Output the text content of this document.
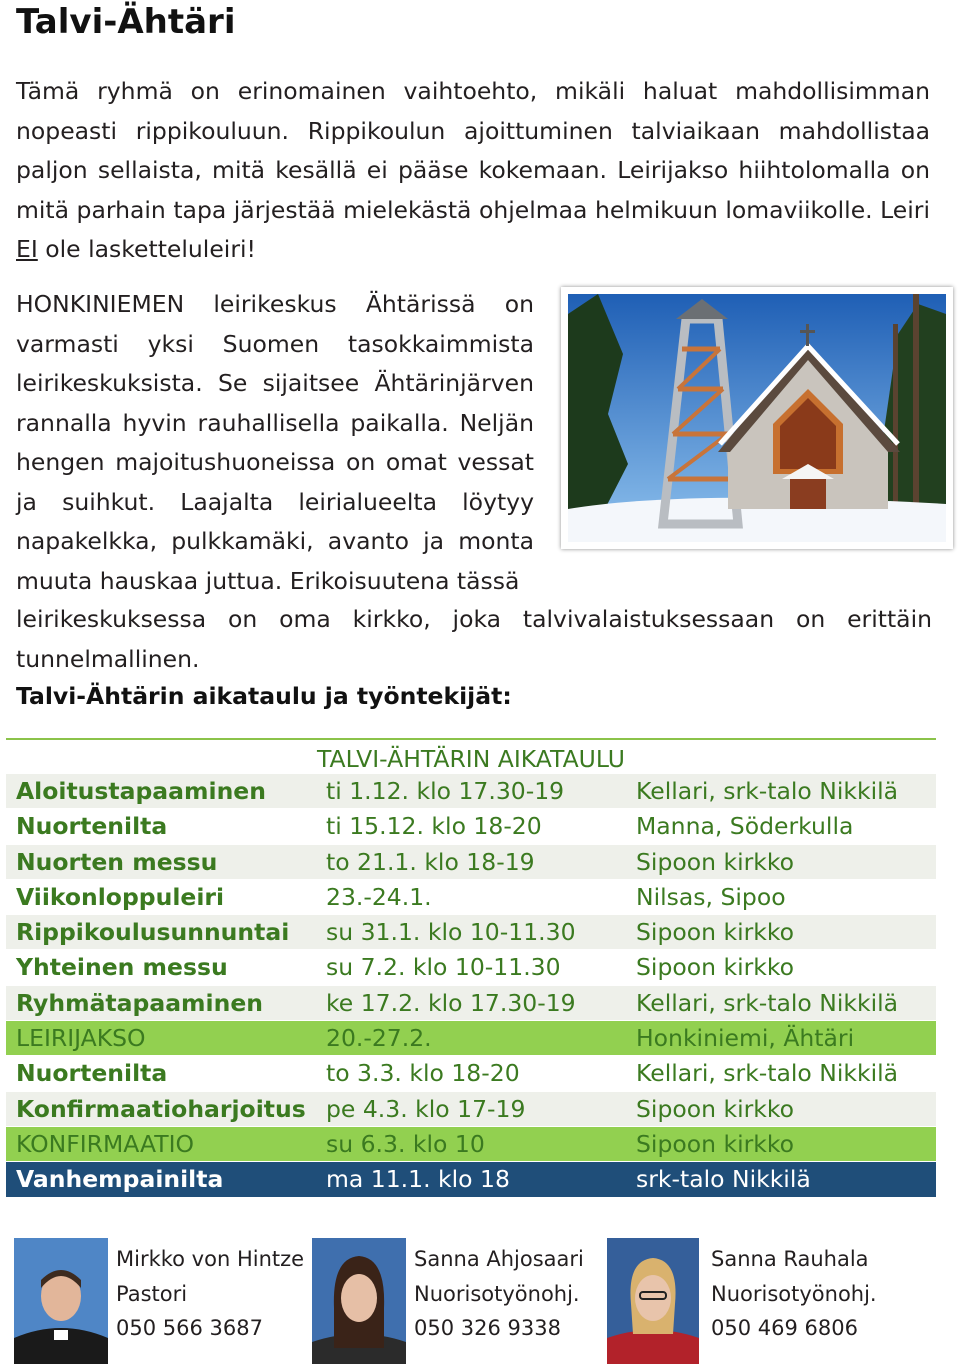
Talvi-Ähtäri

Tämä ryhmä on erinomainen vaihtoehto, mikäli haluat mahdollisimman nopeasti rippikouluun. Rippikoulun ajoittuminen talviaikaan mahdollistaa paljon sellaista, mitä kesällä ei pääse kokemaan. Leirijakso hiihtolomalla on mitä parhain tapa järjestää mielekästä ohjelmaa helmikuun lomaviikolle. Leiri EI ole lasketteluleiri!

HONKINIEMEN leirikeskus Ähtärissä on varmasti yksi Suomen tasokkaimmista leirikeskuksista. Se sijaitsee Ähtärinjärven rannalla hyvin rauhallisella paikalla. Neljän hengen majoitushuoneissa on omat vessat ja suihkut. Laajalta leirialueelta löytyy napakelkka, pulkkamäki, avanto ja monta muuta hauskaa juttua. Erikoisuutena tässä

leirikeskuksessa on oma kirkko, joka talvivalaistuksessaan on erittäin tunnelmallinen.

Talvi-Ähtärin aikataulu ja työntekijät:

TALVI-ÄHTÄRIN AIKATAULU
Aloitustapaaminen	ti 1.12. klo 17.30-19	Kellari, srk-talo Nikkilä
Nuortenilta	ti 15.12. klo 18-20	Manna, Söderkulla
Nuorten messu	to 21.1. klo 18-19	Sipoon kirkko
Viikonloppuleiri	23.-24.1.	Nilsas, Sipoo
Rippikoulusunnuntai	su 31.1. klo 10-11.30	Sipoon kirkko
Yhteinen messu	su 7.2. klo 10-11.30	Sipoon kirkko
Ryhmätapaaminen	ke 17.2. klo 17.30-19	Kellari, srk-talo Nikkilä
LEIRIJAKSO	20.-27.2.	Honkiniemi, Ähtäri
Nuortenilta	to 3.3. klo 18-20	Kellari, srk-talo Nikkilä
Konfirmaatioharjoitus pe 4.3. klo 17-19	Sipoon kirkko
KONFIRMAATIO	su 6.3. klo 10	Sipoon kirkko
Vanhempainilta	ma 11.1. klo 18	srk-talo Nikkilä
Mirkko von Hintze
Pastori
050 566 3687
Sanna Ahjosaari
Nuorisotyönohj.
050 326 9338
Sanna Rauhala
Nuorisotyönohj.
050 469 6806
